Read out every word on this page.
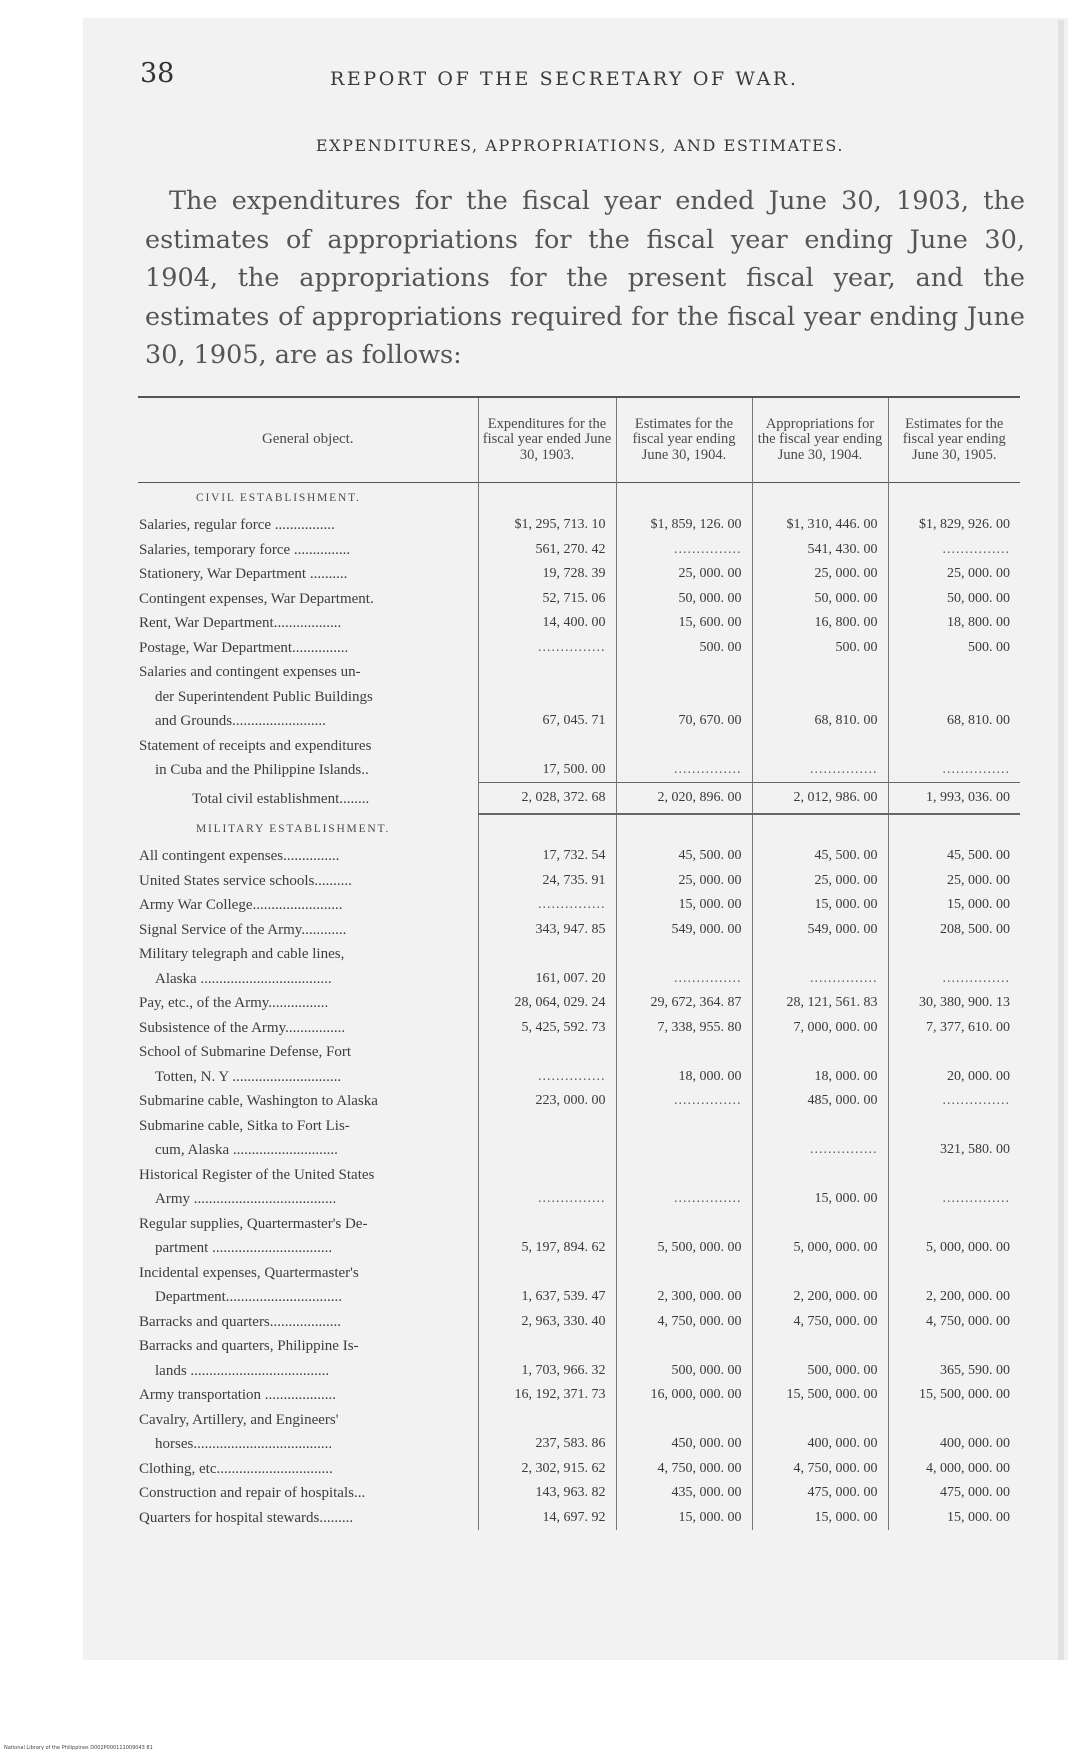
38	REPORT OF THE SECRETARY OF WAR.
EXPENDITURES, APPROPRIATIONS, AND ESTIMATES.
The expenditures for the fiscal year ended June 30, 1903, the estimates of appropriations for the fiscal year ending June 30, 1904, the appropriations for the present fiscal year, and the estimates of appropriations required for the fiscal year ending June 30, 1905, are as follows:
General object.	Expenditures for the fiscal year ended June 30, 1903.	Estimates for the fiscal year ending June 30, 1904.	Appropriations for the fiscal year ending June 30, 1904.	Estimates for the fiscal year ending June 30, 1905.
CIVIL ESTABLISHMENT.				

Salaries, regular force ................	$1, 295, 713. 10	$1, 859, 126. 00	$1, 310, 446. 00	$1, 829, 926. 00

Salaries, temporary force ...............	561, 270. 42	...............	541, 430. 00	...............

Stationery, War Department ..........	19, 728. 39	25, 000. 00	25, 000. 00	25, 000. 00

Contingent expenses, War Department.	52, 715. 06	50, 000. 00	50, 000. 00	50, 000. 00

Rent, War Department..................	14, 400. 00	15, 600. 00	16, 800. 00	18, 800. 00

Postage, War Department...............	...............	500. 00	500. 00	500. 00

Salaries and contingent expenses un-
der Superintendent Public Buildings
and Grounds.........................	67, 045. 71	70, 670. 00	68, 810. 00	68, 810. 00

Statement of receipts and expenditures
in Cuba and the Philippine Islands..	17, 500. 00	...............	...............	...............
Total civil establishment........	2, 028, 372. 68	2, 020, 896. 00	2, 012, 986. 00	1, 993, 036. 00
MILITARY ESTABLISHMENT.				

All contingent expenses...............	17, 732. 54	45, 500. 00	45, 500. 00	45, 500. 00

United States service schools..........	24, 735. 91	25, 000. 00	25, 000. 00	25, 000. 00

Army War College........................	...............	15, 000. 00	15, 000. 00	15, 000. 00

Signal Service of the Army............	343, 947. 85	549, 000. 00	549, 000. 00	208, 500. 00

Military telegraph and cable lines,
Alaska ...................................	161, 007. 20	...............	...............	...............

Pay, etc., of the Army................	28, 064, 029. 24	29, 672, 364. 87	28, 121, 561. 83	30, 380, 900. 13

Subsistence of the Army................	5, 425, 592. 73	7, 338, 955. 80	7, 000, 000. 00	7, 377, 610. 00

School of Submarine Defense, Fort
Totten, N. Y .............................	...............	18, 000. 00	18, 000. 00	20, 000. 00

Submarine cable, Washington to Alaska	223, 000. 00	...............	485, 000. 00	...............

Submarine cable, Sitka to Fort Lis-
cum, Alaska ............................			...............	321, 580. 00

Historical Register of the United States
Army ......................................	...............	...............	15, 000. 00	...............

Regular supplies, Quartermaster's De-
partment ................................	5, 197, 894. 62	5, 500, 000. 00	5, 000, 000. 00	5, 000, 000. 00

Incidental expenses, Quartermaster's
Department...............................	1, 637, 539. 47	2, 300, 000. 00	2, 200, 000. 00	2, 200, 000. 00

Barracks and quarters...................	2, 963, 330. 40	4, 750, 000. 00	4, 750, 000. 00	4, 750, 000. 00

Barracks and quarters, Philippine Is-
lands .....................................	1, 703, 966. 32	500, 000. 00	500, 000. 00	365, 590. 00

Army transportation ...................	16, 192, 371. 73	16, 000, 000. 00	15, 500, 000. 00	15, 500, 000. 00

Cavalry, Artillery, and Engineers'
horses.....................................	237, 583. 86	450, 000. 00	400, 000. 00	400, 000. 00

Clothing, etc...............................	2, 302, 915. 62	4, 750, 000. 00	4, 750, 000. 00	4, 000, 000. 00

Construction and repair of hospitals...	143, 963. 82	435, 000. 00	475, 000. 00	475, 000. 00

Quarters for hospital stewards.........	14, 697. 92	15, 000. 00	15, 000. 00	15, 000. 00
National Library of the Philippines D002P000111009043 81
